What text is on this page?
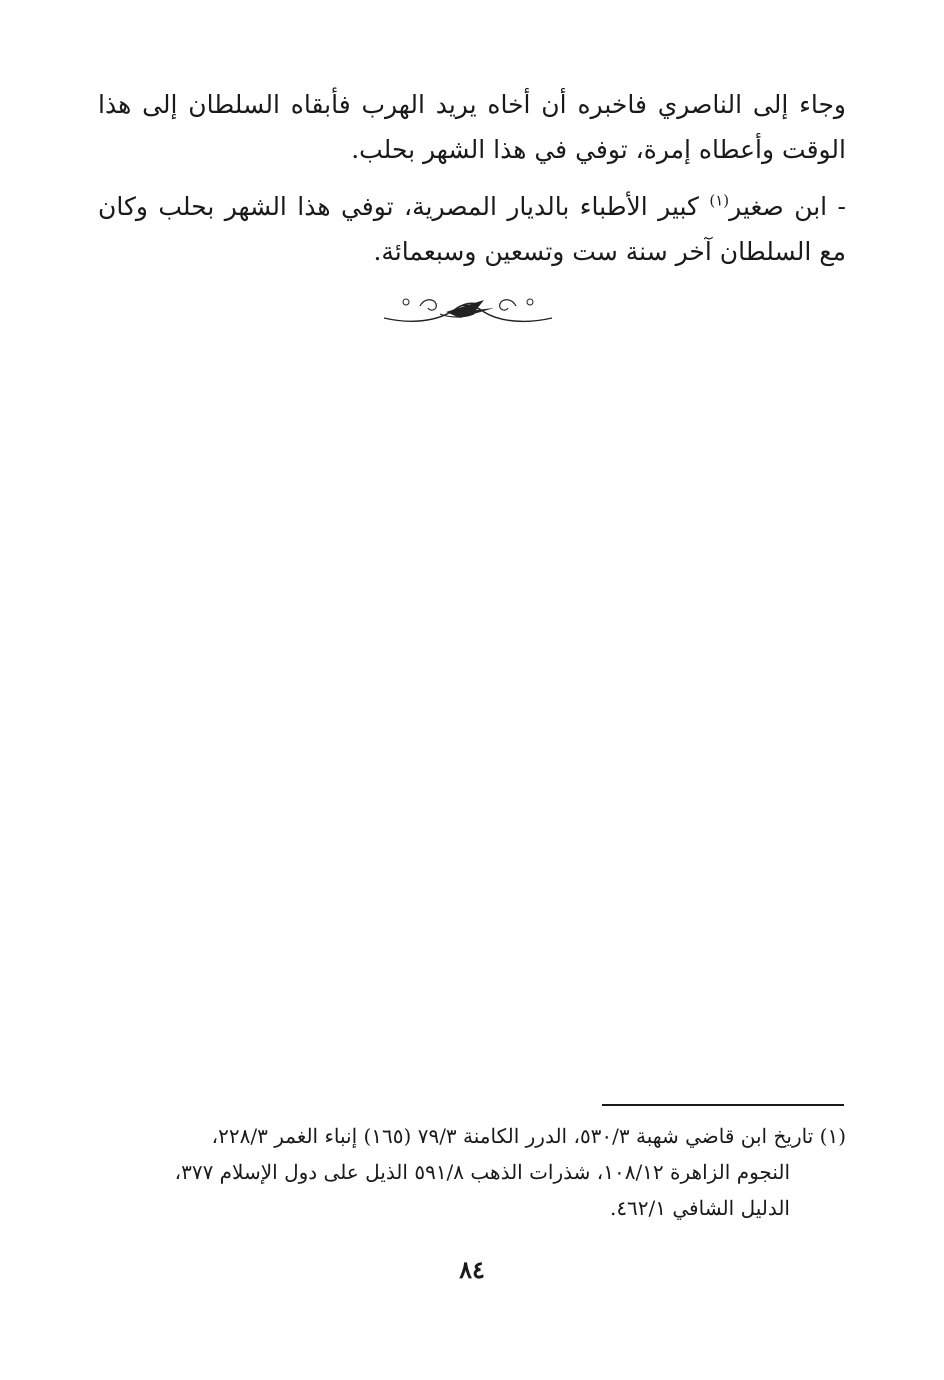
وجاء إلى الناصري فاخبره أن أخاه يريد الهرب فأبقاه السلطان إلى هذا الوقت وأعطاه إمرة، توفي في هذا الشهر بحلب.

- ابن صغير$^{(١)}$ كبير الأطباء بالديار المصرية، توفي هذا الشهر بحلب وكان مع السلطان آخر سنة ست وتسعين وسبعمائة.

(١) تاريخ ابن قاضي شهبة ٥٣٠/٣، الدرر الكامنة ٧٩/٣ (١٦٥) إنباء الغمر ٢٢٨/٣،
النجوم الزاهرة ١٠٨/١٢، شذرات الذهب ٥٩١/٨ الذيل على دول الإسلام ٣٧٧،
الدليل الشافي ٤٦٢/١.
٨٤
